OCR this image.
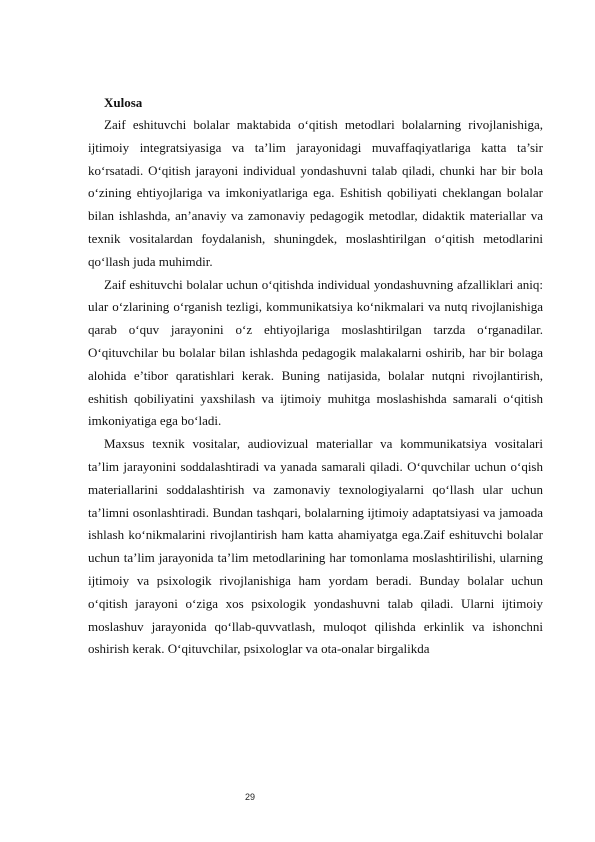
Xulosa

Zaif eshituvchi bolalar maktabida o‘qitish metodlari bolalarning rivojlanishiga, ijtimoiy integratsiyasiga va ta’lim jarayonidagi muvaffaqiyatlariga katta ta’sir ko‘rsatadi. O‘qitish jarayoni individual yondashuvni talab qiladi, chunki har bir bola o‘zining ehtiyojlariga va imkoniyatlariga ega. Eshitish qobiliyati cheklangan bolalar bilan ishlashda, an’anaviy va zamonaviy pedagogik metodlar, didaktik materiallar va texnik vositalardan foydalanish, shuningdek, moslashtirilgan o‘qitish metodlarini qo‘llash juda muhimdir.

Zaif eshituvchi bolalar uchun o‘qitishda individual yondashuvning afzalliklari aniq: ular o‘zlarining o‘rganish tezligi, kommunikatsiya ko‘nikmalari va nutq rivojlanishiga qarab o‘quv jarayonini o‘z ehtiyojlariga moslashtirilgan tarzda o‘rganadilar. O‘qituvchilar bu bolalar bilan ishlashda pedagogik malakalarni oshirib, har bir bolaga alohida e’tibor qaratishlari kerak. Buning natijasida, bolalar nutqni rivojlantirish, eshitish qobiliyatini yaxshilash va ijtimoiy muhitga moslashishda samarali o‘qitish imkoniyatiga ega bo‘ladi.

Maxsus texnik vositalar, audiovizual materiallar va kommunikatsiya vositalari ta’lim jarayonini soddalashtiradi va yanada samarali qiladi. O‘quvchilar uchun o‘qish materiallarini soddalashtirish va zamonaviy texnologiyalarni qo‘llash ular uchun ta’limni osonlashtiradi. Bundan tashqari, bolalarning ijtimoiy adaptatsiyasi va jamoada ishlash ko‘nikmalarini rivojlantirish ham katta ahamiyatga ega.Zaif eshituvchi bolalar uchun ta’lim jarayonida ta’lim metodlarining har tomonlama moslashtirilishi, ularning ijtimoiy va psixologik rivojlanishiga ham yordam beradi. Bunday bolalar uchun o‘qitish jarayoni o‘ziga xos psixologik yondashuvni talab qiladi. Ularni ijtimoiy moslashuv jarayonida qo‘llab-quvvatlash, muloqot qilishda erkinlik va ishonchni oshirish kerak. O‘qituvchilar, psixologlar va ota-onalar birgalikda

29
